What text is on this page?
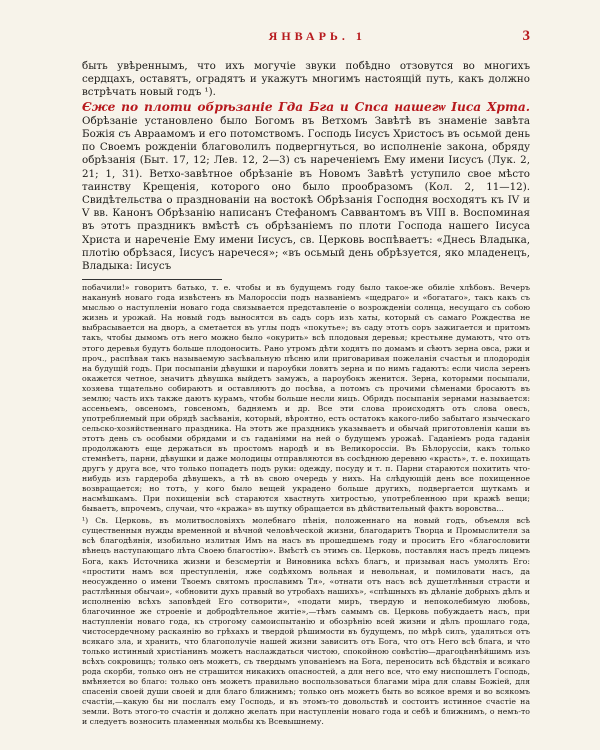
ЯНВАРЬ. 1	3

быть увѣреннымъ, что ихъ могучіе звуки побѣдно отзовутся во многихъ сердцахъ, оставятъ, оградятъ и укажутъ многимъ настоящій путь, какъ должно встрѣчать новый годъ ¹).

Єже по плоти обрѣзаніе Гда Бга и Спса нашегѡ Іиса Хрта. Обрѣзаніе установлено было Богомъ въ Ветхомъ Завѣтѣ въ знаменіе завѣта Божія съ Авраамомъ и его потомствомъ. Господь Іисусъ Христосъ въ осьмой день по Своемъ рожденіи благоволилъ подвергнуться, во исполненіе закона, обряду обрѣзанія (Быт. 17, 12; Лев. 12, 2—3) съ нареченіемъ Ему имени Іисусъ (Лук. 2, 21; 1, 31). Ветхо-завѣтное обрѣзаніе въ Новомъ Завѣтѣ уступило свое мѣсто таинству Крещенія, которого оно было прообразомъ (Кол. 2, 11—12). Свидѣтельства о празднованіи на востокѣ Обрѣзанія Господня восходятъ къ IV и V вв. Канонъ Обрѣзанію написанъ Стефаномъ Саввантомъ въ VIII в. Воспоминая въ этотъ праздникъ вмѣстѣ съ обрѣзаніемъ по плоти Господа нашего Іисуса Христа и нареченіе Ему имени Іисусъ, св. Церковь воспѣваетъ: «Днесь Владыка, плотію обрѣзася, Іисусъ наречеся»; «въ осьмый день обрѣзуется, яко младенецъ, Владыка: Іисусъ

побачили!» говоритъ батько, т. е. чтобы и въ будущемъ году было такое-же обиліе хлѣбовъ. Вечеръ наканунѣ новаго года извѣстенъ въ Малороссіи подъ названіемъ «щедраго» и «богатаго», такъ какъ съ мыслью о наступленіи новаго года связывается представленіе о возрожденіи солнца, несущаго съ собою жизнь и урожай. На новый годъ выносятся въ садъ соръ изъ хаты, который съ самаго Рождества не выбрасывается на дворъ, а сметается въ углы подъ «покутье»; въ саду этотъ соръ зажигается и притомъ такъ, чтобы дымомъ отъ него можно было «окурить» всѣ плодовыя деревья; крестьяне думаютъ, что отъ этого деревья будутъ больше плодоносить. Рано утромъ дѣти ходятъ по домамъ и сѣютъ зерна овса, ржи и проч., распѣвая такъ называемую засѣвальную пѣсню или приговаривая пожеланія счастья и плодородія на будущій годъ. При посыпаніи дѣвушки и пароубки ловятъ зерна и по нимъ гадаютъ: если числа зеренъ окажется четное, значитъ дѣвушка выйдетъ замужъ, а пароубокъ женится. Зерна, которыми посыпали, хозяева тщательно собираютъ и оставляютъ до посѣва, а потомъ съ прочими сѣменами бросаютъ въ землю; часть ихъ также даютъ курамъ, чтобы больше несли яицъ. Обрядъ посыпанія зернами называется: ассеньемъ, овсеномъ, говсеномъ, бадняемъ и др. Все эти слова происходятъ отъ слова овесъ, употребляемый при обрядѣ засѣванія, который, вѣроятно, есть остатокъ какого-либо забытаго языческаго сельско-хозяйственнаго праздника. На этотъ же праздникъ указываетъ и обычай приготовленія каши въ этотъ день съ особыми обрядами и съ гаданіями на ней о будущемъ урожаѣ. Гаданіемъ рода гаданія продолжаютъ еще держаться въ простомъ народѣ и въ Великороссіи. Въ Бѣлоруссіи, какъ только стемнѣетъ, парни, дѣвушки и даже молодицы отправляются въ сосѣднюю деревню «красть», т. е. похищать другъ у друга все, что только попадетъ подъ руки: одежду, посуду и т. п. Парни стараются похитить что-нибудь изъ гардероба дѣвушекъ, а тѣ въ свою очередь у нихъ. На слѣдующій день все похищенное возвращается; но тотъ, у кого было вещей украдено больше другихъ, подвергается шуткамъ и насмѣшкамъ. При похищеніи всѣ стараются хвастнуть хитростью, употребленною при кражѣ вещи; бываетъ, впрочемъ, случаи, что «кража» въ шутку обращается въ дѣйствительный фактъ воровства...

¹) Св. Церковь, въ молитвословіяхъ молебнаго пѣнія, положеннаго на новый годъ, объемля всѣ существенныя нужды временной и вѣчной человѣческой жизни, благодаритъ Творца и Промыслителя за всѣ благодѣянія, изобильно излитыя Имъ на насъ въ прошедшемъ году и проситъ Его «благословити вѣнецъ наступающаго лѣта Своею благостію». Вмѣстѣ съ этимъ св. Церковь, поставляя насъ предъ лицемъ Бога, какъ Источника жизни и безсмертія и Виновника всѣхъ благъ, и призывая насъ умолять Его: «простити намъ вся преступленія, яже содѣяхомъ вольная и невольная, и помиловати насъ, да неосужденно о имени Твоемъ святомъ прославимъ Тя», «отнати отъ насъ всѣ душетлѣнныя страсти и растлѣнныя обычаи», «обновити духъ правый во утробахъ нашихъ», «спѣшныхъ въ дѣланіе добрыхъ дѣлъ и исполненію всѣхъ заповѣдей Его сотворити», «подати миръ, твердую и непоколебимую любовь, благочинное же строеніе и добродѣтельное житіе»,—тѣмъ самымъ св. Церковь побуждаетъ насъ, при наступленіи новаго года, къ строгому самоиспытанію и обозрѣнію всей жизни и дѣлъ прошлаго года, чистосердечному раскаянію во грѣхахъ и твердой рѣшимости въ будущемъ, по мѣрѣ силъ, удаляться отъ всякаго зла, и хранить, что благополучіе нашей жизни зависитъ отъ Бога, что отъ Него всѣ блага, и что только истинный христіанинъ можетъ наслаждаться чистою, спокойною совѣстію—драгоцѣннѣйшимъ изъ всѣхъ сокровищъ; только онъ можетъ, съ твердымъ упованіемъ на Бога, переносить всѣ бѣдствія и всякаго рода скорби, только онъ не страшится никакихъ опасностей, а для него все, что ему ниспошлетъ Господь, вмѣняется во благо: только онъ можетъ правильно воспользоваться благами міра для славы Божіей, для спасенія своей души своей и для благо ближнимъ; только онъ можетъ быть во всякое время и во всякомъ счастіи,—какую бы ни послалъ ему Господь, и въ этомъ-то довольствѣ и состоитъ истинное счастіе на земли. Вотъ этого-то счастія и должно желать при наступленіи новаго года и себѣ и ближнимъ, о немъ-то и следуетъ возносить пламенныя мольбы къ Всевышнему.
